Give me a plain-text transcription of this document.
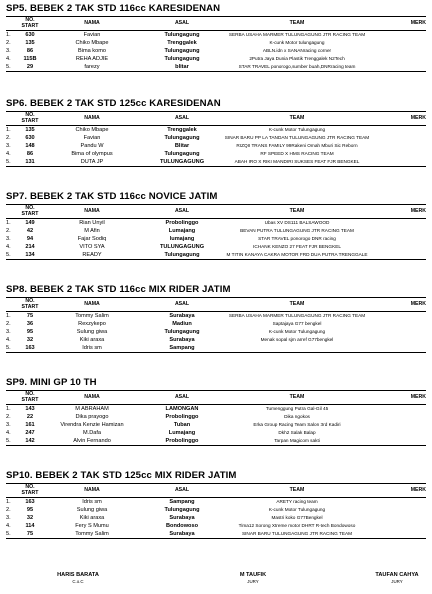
SP5. BEBEK 2 TAK STD 116cc KARESIDENAN
	NO. START	NAMA	ASAL	TEAM	MERK
1.	630	Favian	Tulungagung	SERBA USAHA MARMER TULUNGAGUNG JTR RACING TEAM	
2.	135	Chiko Mbape	Trenggalek	K-cunk Motor tulungagung	
3.	86	Bima komo	Tulungagung	ABLN.idn x SANANracing corner	
4.	115B	REHA ADJIE	Tulungagung	2Putra Jaya Dunia Plastik Trenggalek N2Tech	
5.	29	farezy	blitar	STAR TRAVEL ponorogo,sumber buah,DNRracing team	
SP6. BEBEK 2 TAK STD 125cc KARESIDENAN
	NO. START	NAMA	ASAL	TEAM	MERK
1.	135	Chiko Mbape	Trenggalek	K-cunk Motor Tulungagung	
2.	630	Favian	Tulungagung	SINAR BARU PP LA TANDAN TULUNGAGUNG JTR RACING TEAM	
3.	148	Pandu W	Blitar	RIZQII TRANS FAMILY 99Rakeni Omah Mburi Sic Reborn	
4.	86	Bima of olympus	Tulungagung	RF SPEED X HMS RACING TEAM	
5.	131	DUTA JP	TULUNGAGUNG	ABAH IRO X RIKI MANDIRI SUKSES FEAT FJR BENGKEL	
SP7. BEBEK 2 TAK STD 116cc NOVICE JATIM
	NO. START	NAMA	ASAL	TEAM	MERK
1.	149	Rian Unyil	Probolinggo	Ubas XV DS111 BALSAWOOD	
2.	42	M Afin	Lumajang	BEVAN PUTRA TULUNGAGUNG JTR RACING TEAM	
3.	94	Fajar Sodiq	lumajang	STAR TRAVEL ponorogo DNR racing	
4.	214	VITO SYA	TULUNGAGUNG	ICHANK KENZO 27 FEAT FJR BENGKEL	
5.	134	READY	Tulungagung	M TITIN KANAYA CAKRA MOTOR FRD DUA PUTRA TRENGGALE	
SP8. BEBEK 2 TAK STD 116cc MIX RIDER JATIM
	NO. START	NAMA	ASAL	TEAM	MERK
1.	75	Tommy Salim	Surabaya	SERBA USAHA MARMER TULUNGAGUNG JTR RACING TEAM	
2.	36	Rexzykepo	Madiun	Saptajaya G77 bengkel	
3.	95	Sulung giwa	Tulungagung	K-cunk Motor Tulungagung	
4.	32	Kiki araxa	Surabaya	Menak sopal sjm arref G77bengkel	
5.	163	Idris sm	Sampang		
SP9. MINI GP 10 TH
	NO. START	NAMA	ASAL	TEAM	MERK
1.	143	M ABRAHAM	LAMONGAN	Tumenggung Putra Gal-Gil 45	
2.	22	Dika prayogo	Probolinggo	Dika ngokos	
3.	161	Virendra Kenzie Hamizan	Tuban	Erka Group Racing Team Salon 3rd Kadiri	
4.	247	M.Dafa	Lumajang	Dkh2 Salak Balap	
5.	142	Alvin Fernando	Probolinggo	Tarpan Magicom sakti	
SP10. BEBEK 2 TAK STD 125cc MIX RIDER JATIM
	NO. START	NAMA	ASAL	TEAM	MERK
1.	163	Idris sm	Sampang	ARETY racing team	
2.	95	Sulung giwa	Tulungagung	K-cunk Motor Tulungagung	
3.	32	Kiki araxa	Surabaya	Mastri koko G77Bengkel	
4.	114	Fery S Mumu	Bondowoso	Tima12 Sorong Xtreme motor DHRT R-tech Bondowoso	
5.	75	Tommy Salim	Surabaya	SINAR BARU TULUNGAGUNG JTR RACING TEAM	
HARIS BARATA
C.o.C
M TAUFIK
JURY
TAUFAN CAHYA
JURY
